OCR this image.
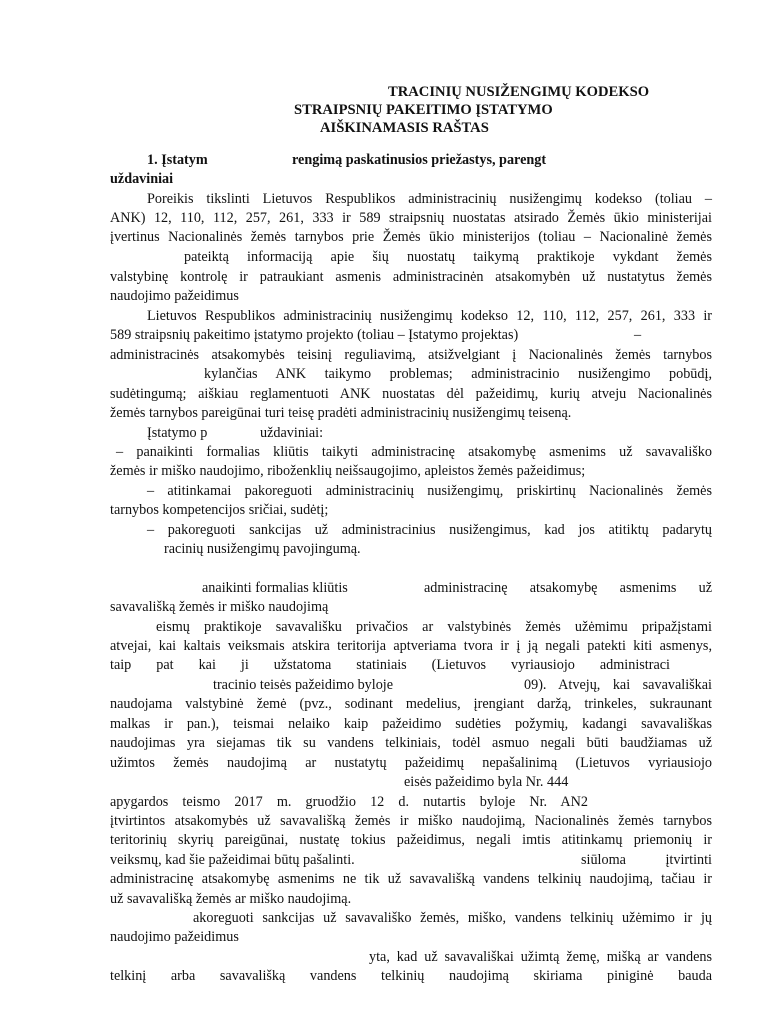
TRACINIŲ NUSIŽENGIMŲ KODEKSO
STRAIPSNIŲ PAKEITIMO ĮSTATYMO
AIŠKINAMASIS RAŠTAS
1. Įstatym	rengimą paskatinusios priežastys, parengt
uždaviniai
Poreikis tikslinti Lietuvos Respublikos administracinių nusižengimų kodekso (toliau –
ANK) 12, 110, 112, 257, 261, 333 ir 589 straipsnių nuostatas atsirado Žemės ūkio ministerijai
įvertinus Nacionalinės žemės tarnybos prie Žemės ūkio ministerijos (toliau – Nacionalinė žemės
pateiktą informaciją apie šių nuostatų taikymą praktikoje vykdant žemės
valstybinę kontrolę ir patraukiant asmenis administracinėn atsakomybėn už nustatytus žemės
naudojimo pažeidimus
Lietuvos Respublikos administracinių nusižengimų kodekso 12, 110, 112, 257, 261, 333 ir
589 straipsnių pakeitimo įstatymo projekto (toliau – Įstatymo projektas)	–
administracinės atsakomybės teisinį reguliavimą, atsižvelgiant į Nacionalinės žemės tarnybos
kylančias ANK taikymo problemas; administracinio nusižengimo pobūdį,
sudėtingumą; aiškiau reglamentuoti ANK nuostatas dėl pažeidimų, kurių atveju Nacionalinės
žemės tarnybos pareigūnai turi teisę pradėti administracinių nusižengimų teiseną.
Įstatymo p	uždaviniai:
– panaikinti formalias kliūtis taikyti administracinę atsakomybę asmenims už savavališko
žemės ir miško naudojimo, riboženklių neišsaugojimo, apleistos žemės pažeidimus;
– atitinkamai pakoreguoti administracinių nusižengimų, priskirtinų Nacionalinės žemės
tarnybos kompetencijos sričiai, sudėtį;
– pakoreguoti sankcijas už administracinius nusižengimus, kad jos atitiktų padarytų
racinių nusižengimų pavojingumą.
anaikinti formalias kliūtis	administracinę atsakomybę asmenims už
savavališką žemės ir miško naudojimą
eismų praktikoje savavališku privačios ar valstybinės žemės užėmimu pripažįstami
atvejai, kai kaltais veiksmais atskira teritorija aptveriama tvora ir į ją negali patekti kiti asmenys,
taip pat kai ji užstatoma statiniais (Lietuvos vyriausiojo administraci
tracinio teisės pažeidimo byloje	09). Atvejų, kai savavališkai
naudojama valstybinė žemė (pvz., sodinant medelius, įrengiant daržą, trinkeles, sukraunant
malkas ir pan.), teismai nelaiko kaip pažeidimo sudėties požymių, kadangi savavališkas
naudojimas yra siejamas tik su vandens telkiniais, todėl asmuo negali būti baudžiamas už
užimtos žemės naudojimą ar nustatytų pažeidimų nepašalinimą (Lietuvos vyriausiojo
eisės pažeidimo byla Nr. 444
apygardos teismo 2017 m. gruodžio 12 d. nutartis byloje Nr. AN2
įtvirtintos atsakomybės už savavališką žemės ir miško naudojimą, Nacionalinės žemės tarnybos
teritorinių skyrių pareigūnai, nustatę tokius pažeidimus, negali imtis atitinkamų priemonių ir
veiksmų, kad šie pažeidimai būtų pašalinti.	siūloma įtvirtinti
administracinę atsakomybę asmenims ne tik už savavališką vandens telkinių naudojimą, tačiau ir
už savavališką žemės ar miško naudojimą.
akoreguoti sankcijas už savavališko žemės, miško, vandens telkinių užėmimo ir jų
naudojimo pažeidimus
yta, kad už savavališkai užimtą žemę, mišką ar vandens
telkinį arba savavališką vandens telkinių naudojimą skiriama piniginė bauda
